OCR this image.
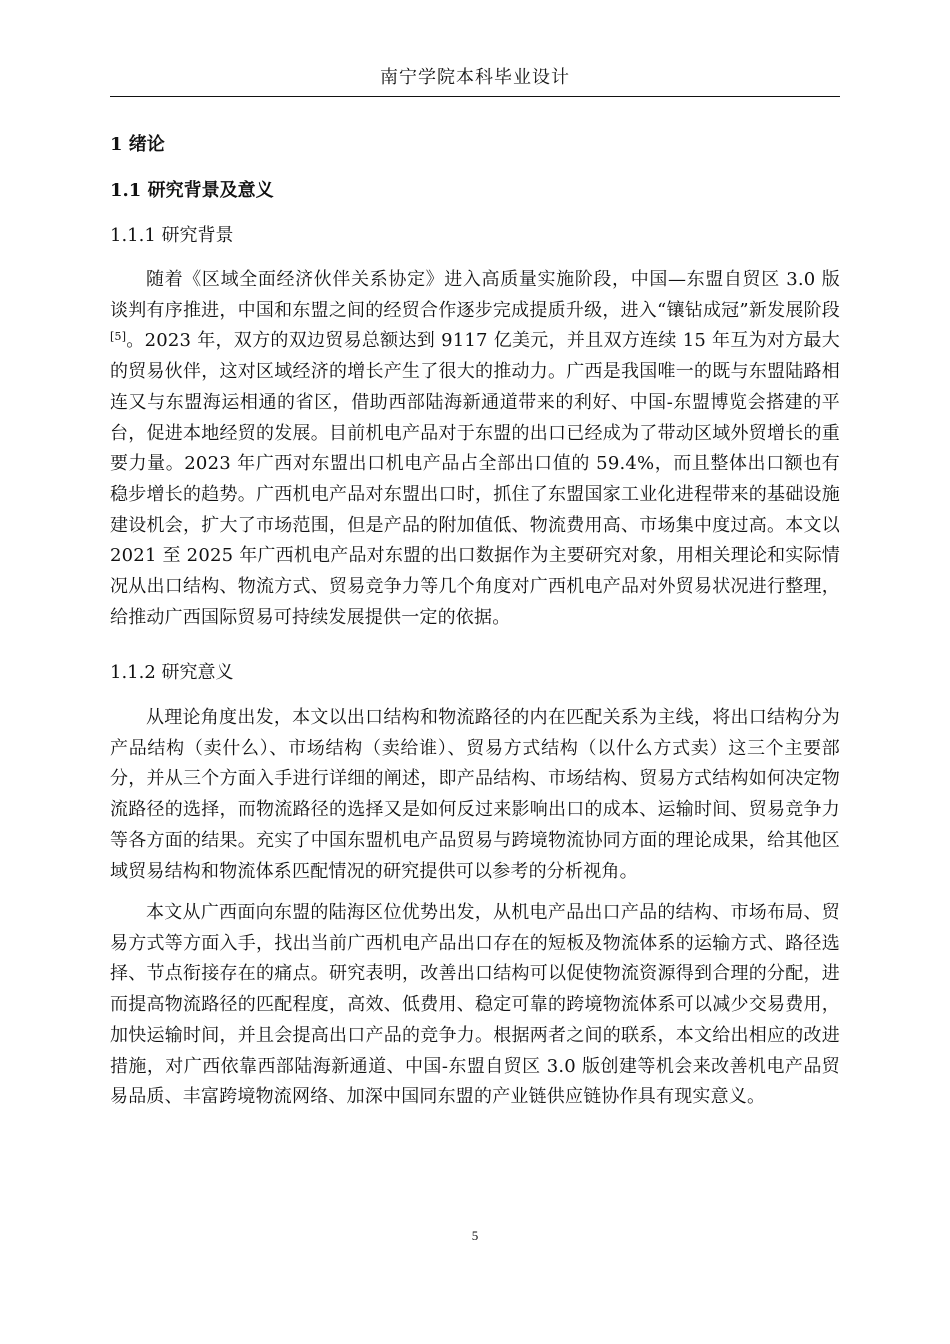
南宁学院本科毕业设计
1 绪论
1.1 研究背景及意义
1.1.1 研究背景
随着《区域全面经济伙伴关系协定》进入高质量实施阶段，中国—东盟自贸区 3.0 版谈判有序推进，中国和东盟之间的经贸合作逐步完成提质升级，进入“镶钻成冠”新发展阶段[5]。2023 年，双方的双边贸易总额达到 9117 亿美元，并且双方连续 15 年互为对方最大的贸易伙伴，这对区域经济的增长产生了很大的推动力。广西是我国唯一的既与东盟陆路相连又与东盟海运相通的省区，借助西部陆海新通道带来的利好、中国-东盟博览会搭建的平台，促进本地经贸的发展。目前机电产品对于东盟的出口已经成为了带动区域外贸增长的重要力量。2023 年广西对东盟出口机电产品占全部出口值的 59.4%，而且整体出口额也有稳步增长的趋势。广西机电产品对东盟出口时，抓住了东盟国家工业化进程带来的基础设施建设机会，扩大了市场范围，但是产品的附加值低、物流费用高、市场集中度过高。本文以 2021 至 2025 年广西机电产品对东盟的出口数据作为主要研究对象，用相关理论和实际情况从出口结构、物流方式、贸易竞争力等几个角度对广西机电产品对外贸易状况进行整理，给推动广西国际贸易可持续发展提供一定的依据。
1.1.2 研究意义
从理论角度出发，本文以出口结构和物流路径的内在匹配关系为主线，将出口结构分为产品结构（卖什么）、市场结构（卖给谁）、贸易方式结构（以什么方式卖）这三个主要部分，并从三个方面入手进行详细的阐述，即产品结构、市场结构、贸易方式结构如何决定物流路径的选择，而物流路径的选择又是如何反过来影响出口的成本、运输时间、贸易竞争力等各方面的结果。充实了中国东盟机电产品贸易与跨境物流协同方面的理论成果，给其他区域贸易结构和物流体系匹配情况的研究提供可以参考的分析视角。
本文从广西面向东盟的陆海区位优势出发，从机电产品出口产品的结构、市场布局、贸易方式等方面入手，找出当前广西机电产品出口存在的短板及物流体系的运输方式、路径选择、节点衔接存在的痛点。研究表明，改善出口结构可以促使物流资源得到合理的分配，进而提高物流路径的匹配程度，高效、低费用、稳定可靠的跨境物流体系可以减少交易费用，加快运输时间，并且会提高出口产品的竞争力。根据两者之间的联系，本文给出相应的改进措施，对广西依靠西部陆海新通道、中国-东盟自贸区 3.0 版创建等机会来改善机电产品贸易品质、丰富跨境物流网络、加深中国同东盟的产业链供应链协作具有现实意义。
5
